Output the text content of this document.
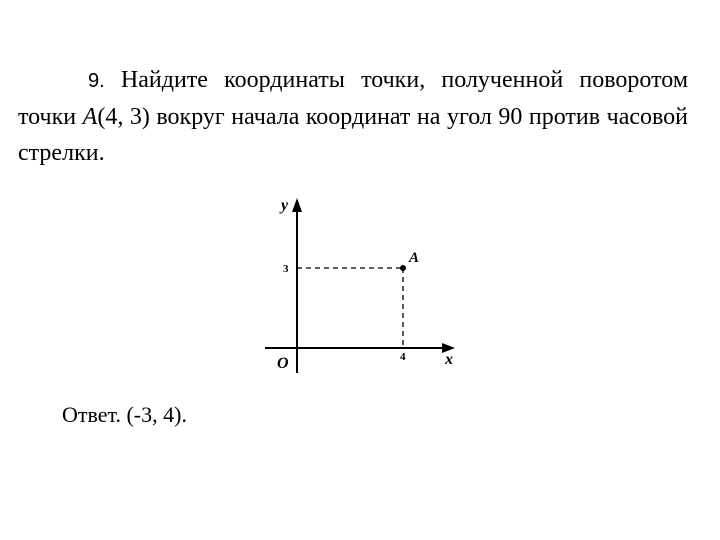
9. Найдите координаты точки, полученной поворотом точки A(4, 3) вокруг начала координат на угол 90 против часовой стрелки.
y
x
O	4
3
A
Ответ. (-3, 4).
